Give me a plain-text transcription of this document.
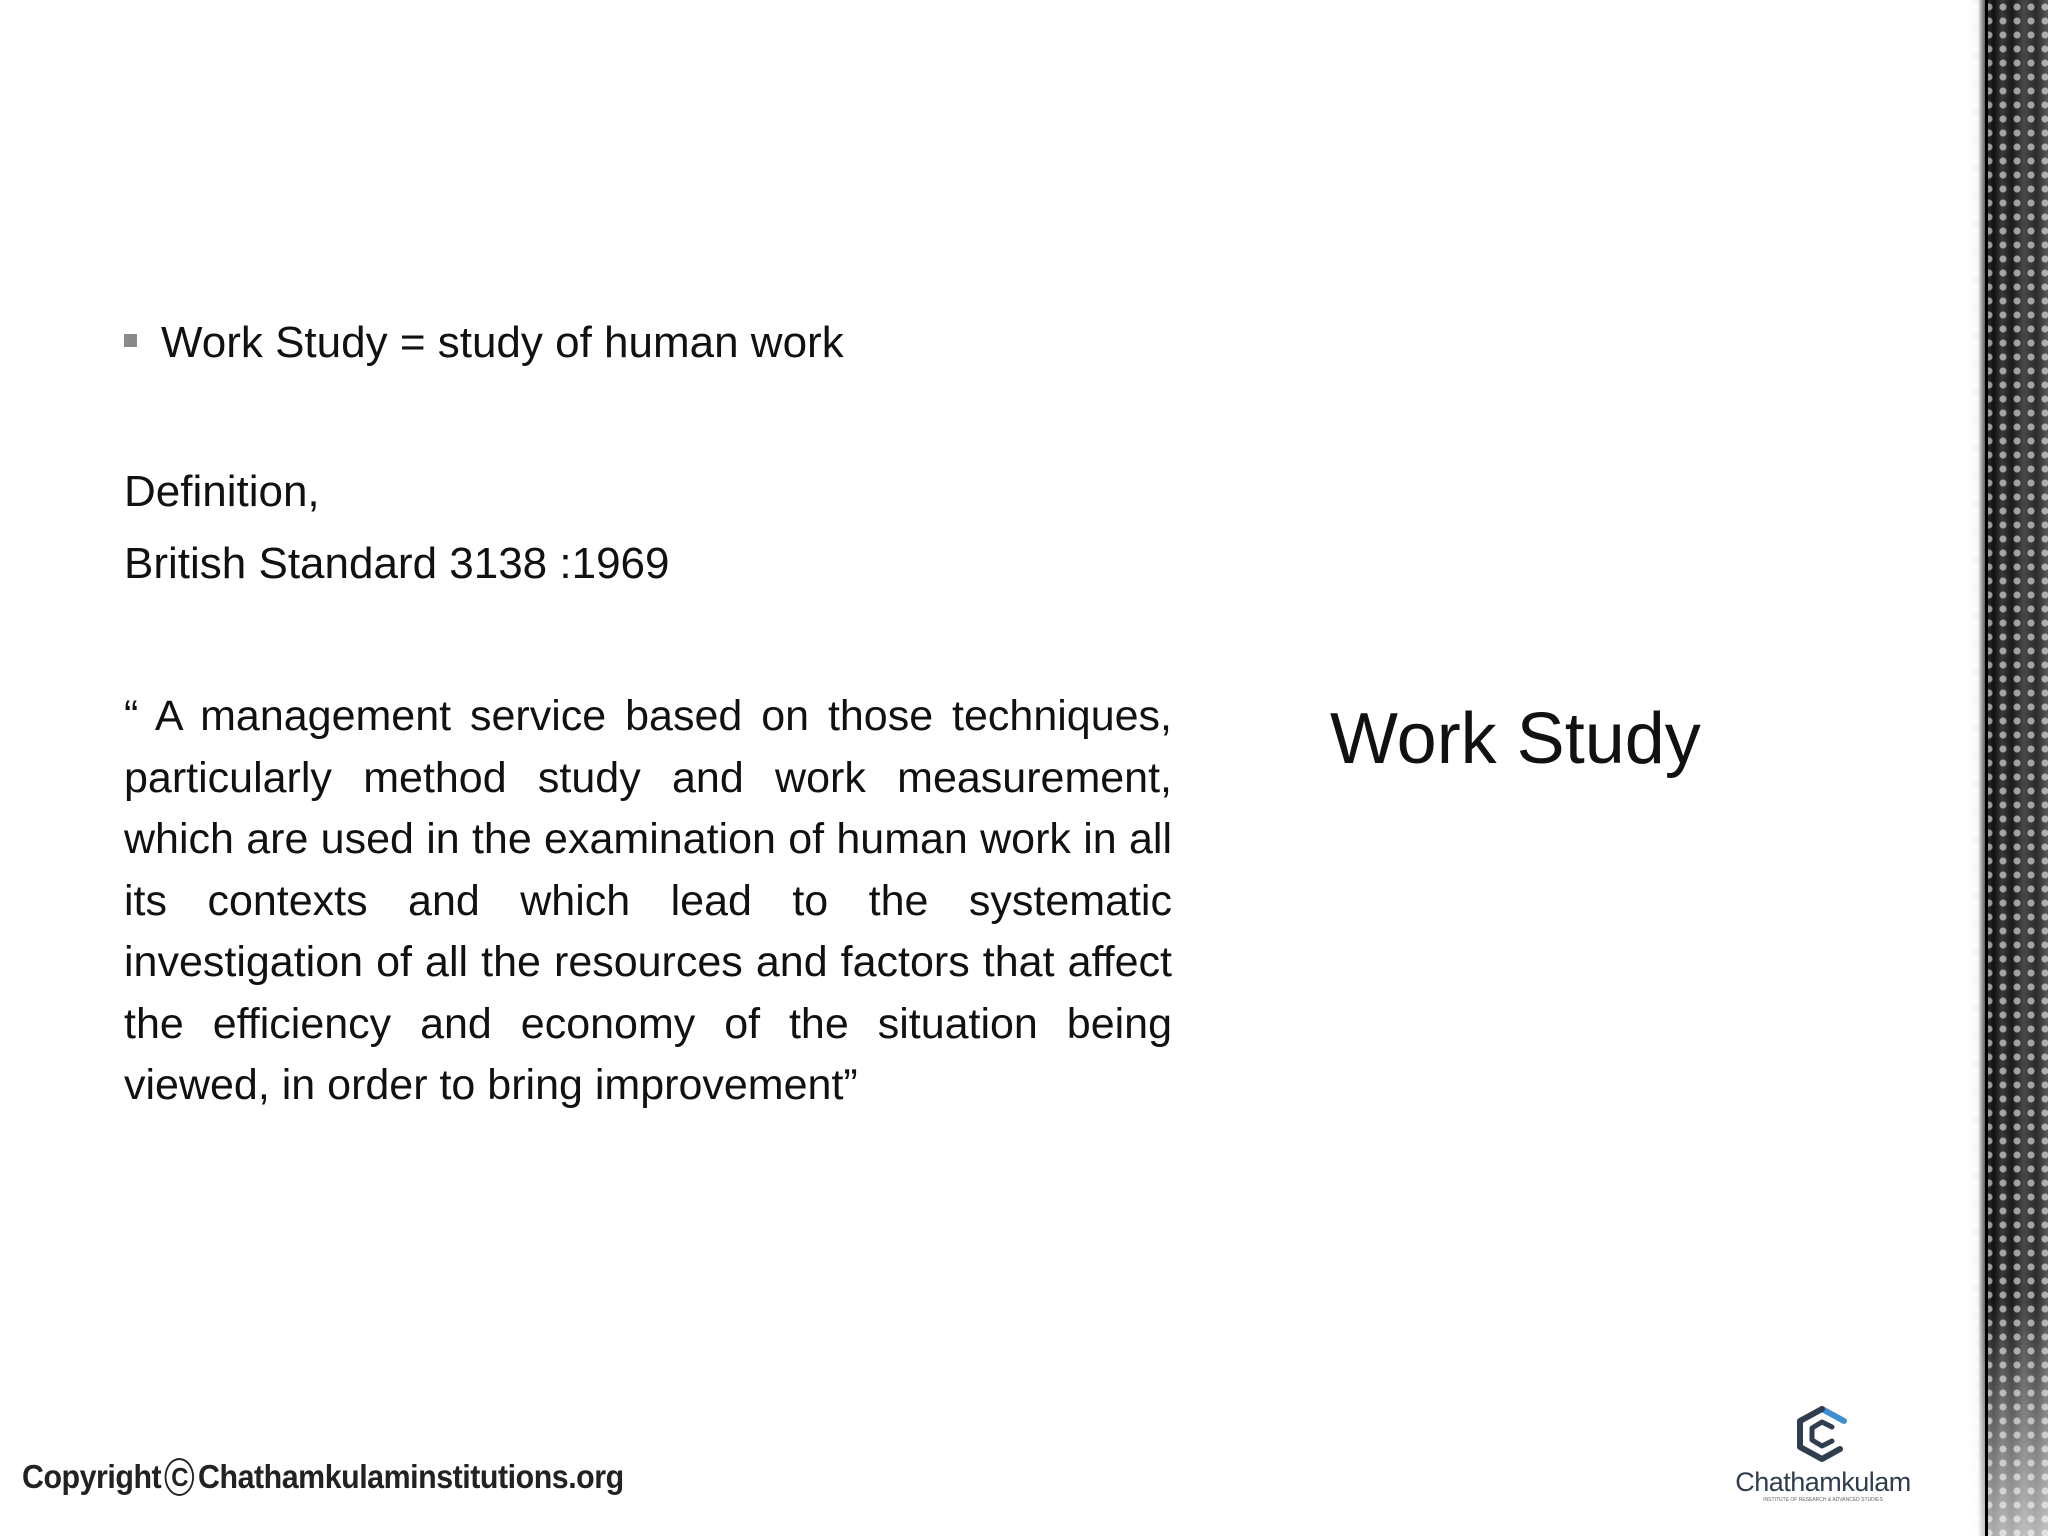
Work Study = study of human work
Definition,
British Standard 3138 :1969
“ A management service based on those techniques, particularly method study and work measurement, which are used in the examination of human work in all its contexts and which lead to the systematic investigation of all the resources and factors that affect the efficiency and economy of the situation being viewed, in order to bring improvement”
Work Study
Copyright C Chathamkulaminstitutions.org	Chathamkulam
INSTITUTE OF RESEARCH & ADVANCED STUDIES
